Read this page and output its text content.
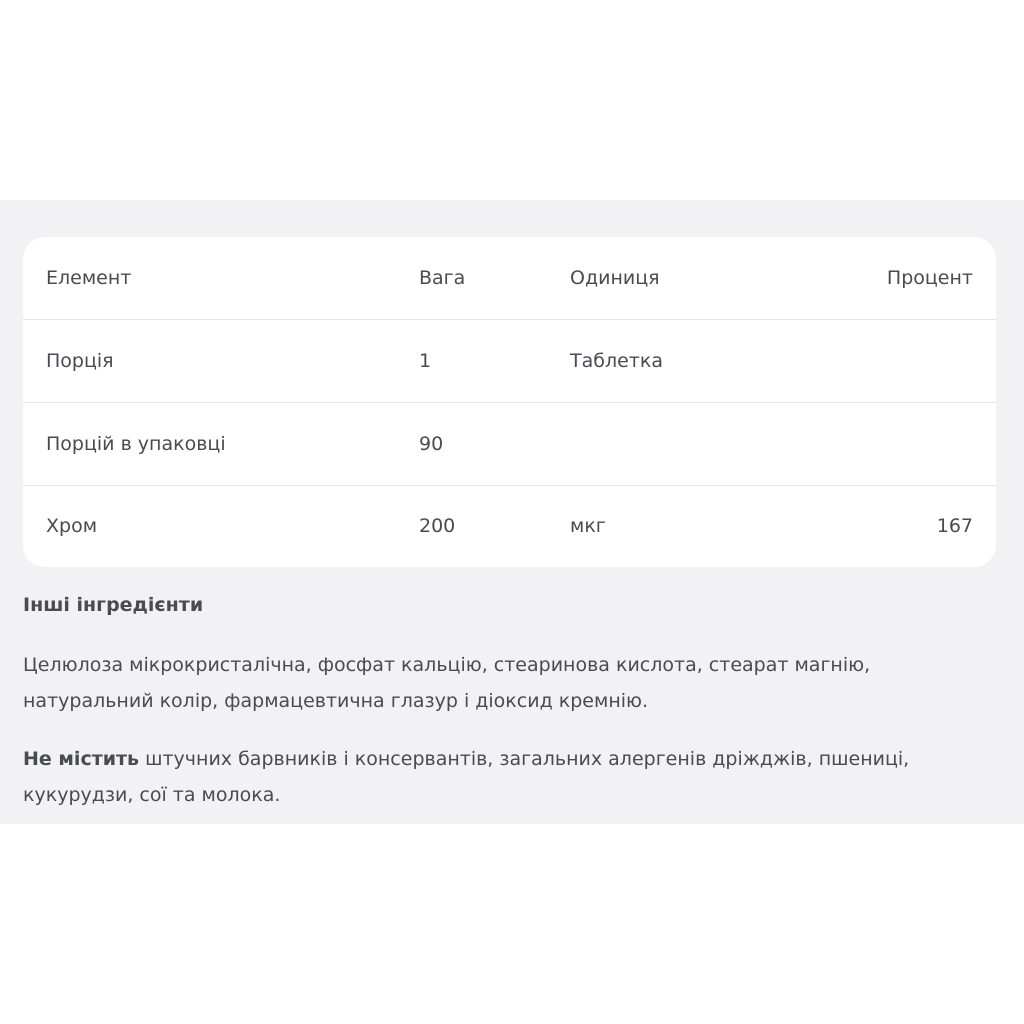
Елемент	Вага	Одиниця	Процент
Порція	1	Таблетка
Порцій в упаковці	90
Хром	200	мкг	167
Інші інгредієнти

Целюлоза мікрокристалічна, фосфат кальцію, стеаринова кислота, стеарат магнію, натуральний колір, фармацевтична глазур і діоксид кремнію.

Не містить штучних барвників і консервантів, загальних алергенів дріжджів, пшениці, кукурудзи, сої та молока.
